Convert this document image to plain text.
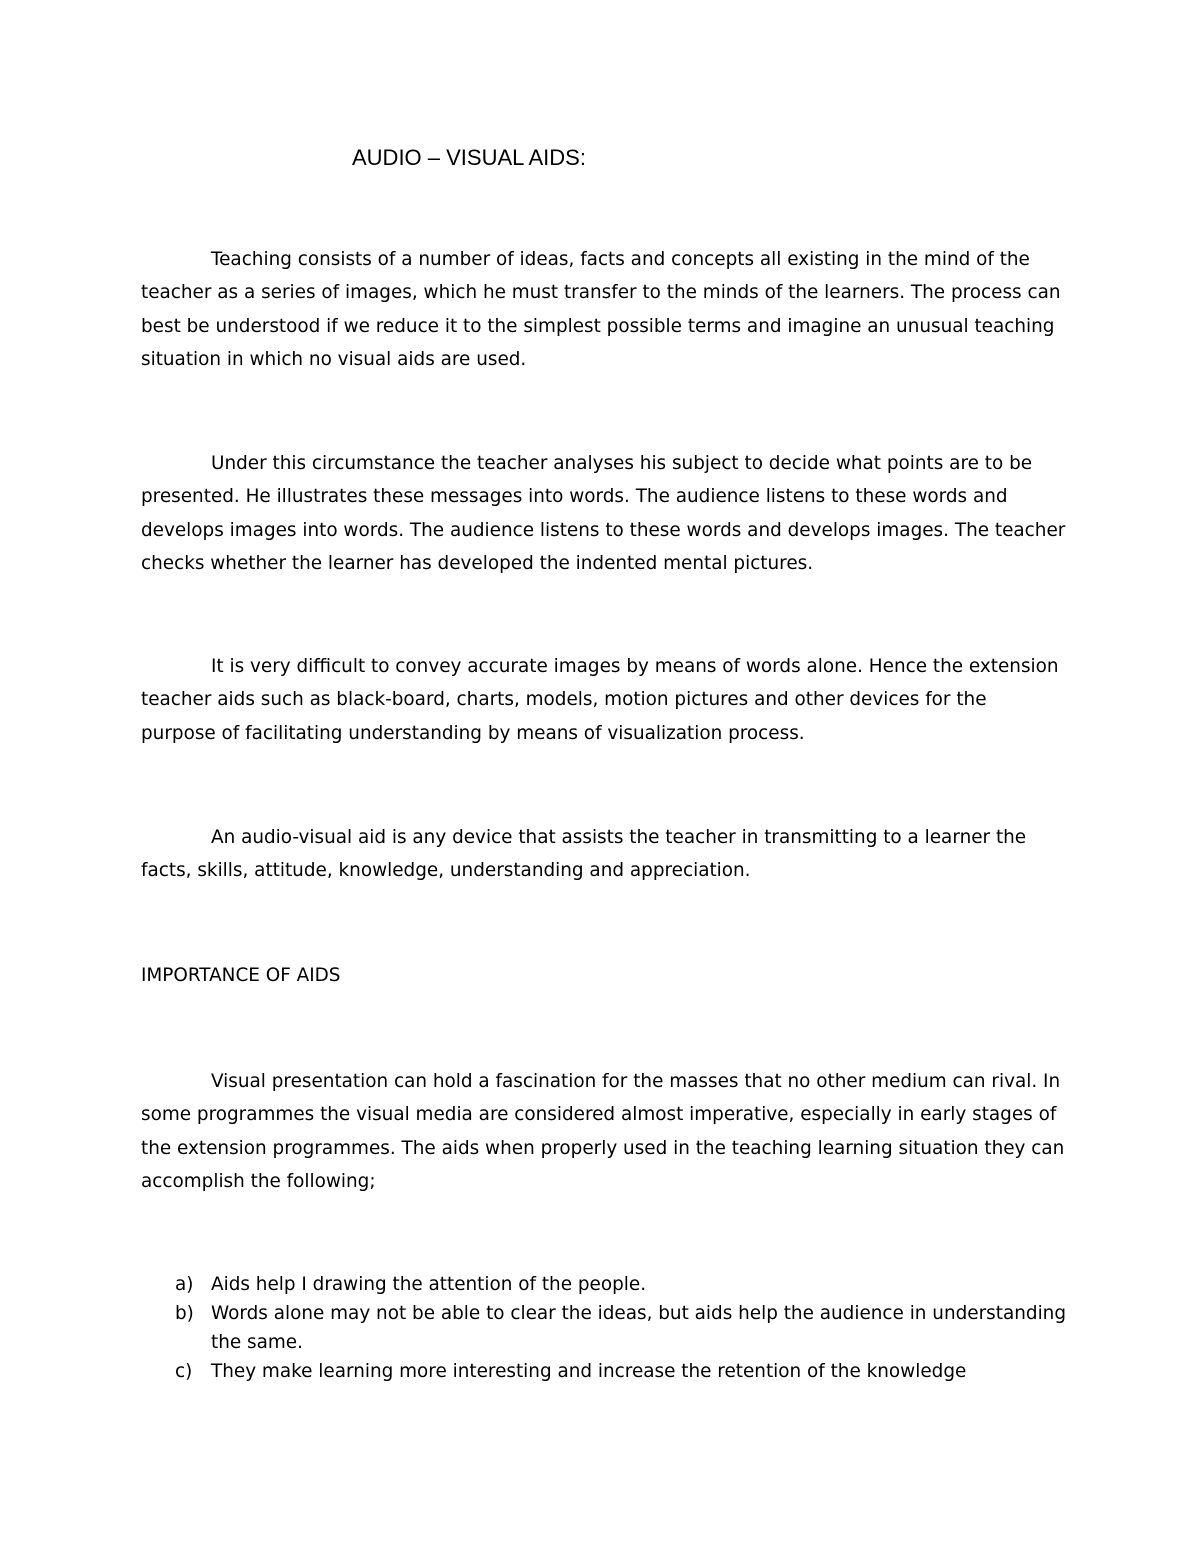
AUDIO – VISUAL AIDS:

Teaching consists of a number of ideas, facts and concepts all existing in the mind of the teacher as a series of images, which he must transfer to the minds of the learners. The process can best be understood if we reduce it to the simplest possible terms and imagine an unusual teaching situation in which no visual aids are used.

Under this circumstance the teacher analyses his subject to decide what points are to be presented. He illustrates these messages into words. The audience listens to these words and develops images into words. The audience listens to these words and develops images. The teacher checks whether the learner has developed the indented mental pictures.

It is very difficult to convey accurate images by means of words alone. Hence the extension teacher aids such as black-board, charts, models, motion pictures and other devices for the purpose of facilitating understanding by means of visualization process.

An audio-visual aid is any device that assists the teacher in transmitting to a learner the facts, skills, attitude, knowledge, understanding and appreciation.

IMPORTANCE OF AIDS

Visual presentation can hold a fascination for the masses that no other medium can rival. In some programmes the visual media are considered almost imperative, especially in early stages of the extension programmes. The aids when properly used in the teaching learning situation they can accomplish the following;

a) Aids help I drawing the attention of the people.
b) Words alone may not be able to clear the ideas, but aids help the audience in understanding the same.
c) They make learning more interesting and increase the retention of the knowledge
